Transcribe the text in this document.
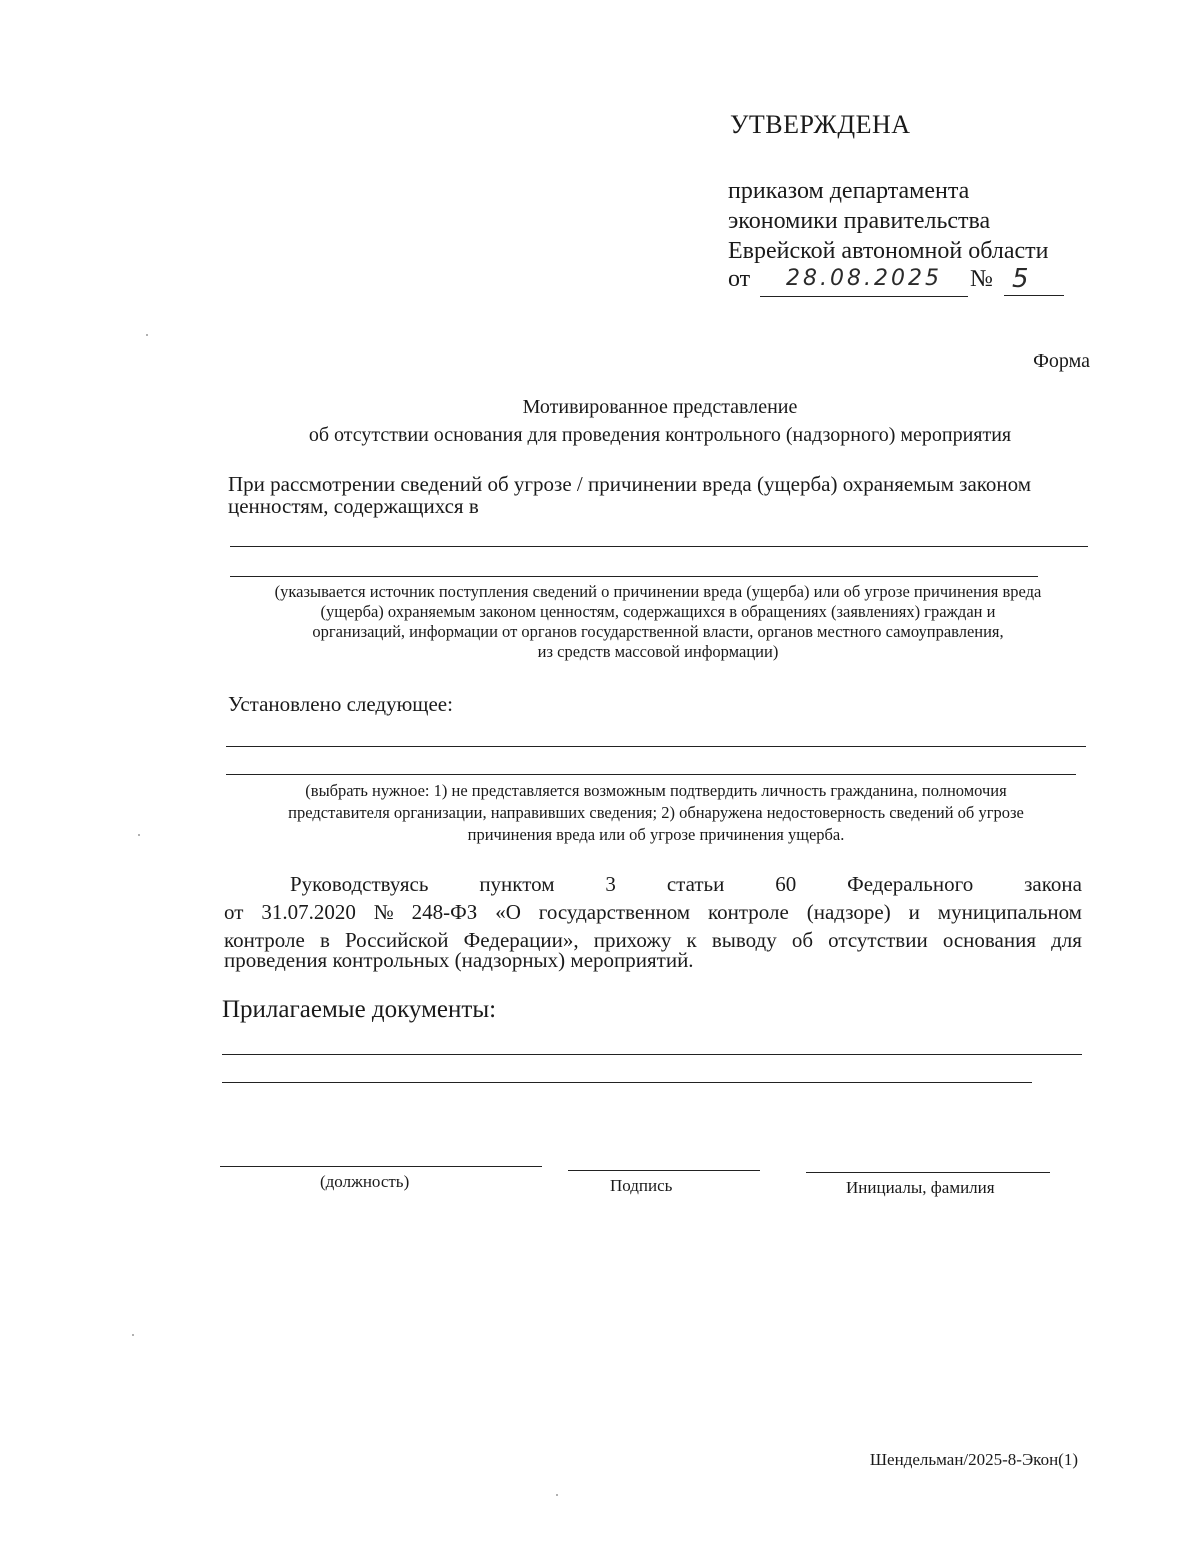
УТВЕРЖДЕНА
приказом департамента
экономики правительства
Еврейской автономной области
от	28.08.2025	№ 5
Форма
Мотивированное представление
об отсутствии основания для проведения контрольного (надзорного) мероприятия
При рассмотрении сведений об угрозе / причинении вреда (ущерба) охраняемым законом
ценностям, содержащихся в
(указывается источник поступления сведений о причинении вреда (ущерба) или об угрозе причинения вреда
(ущерба) охраняемым законом ценностям, содержащихся в обращениях (заявлениях) граждан и
организаций, информации от органов государственной власти, органов местного самоуправления,
из средств массовой информации)
Установлено следующее:
(выбрать нужное: 1) не представляется возможным подтвердить личность гражданина, полномочия
представителя организации, направивших сведения; 2) обнаружена недостоверность сведений об угрозе
причинения вреда или об угрозе причинения ущерба.
Руководствуясь пунктом 3 статьи 60 Федерального закона
от 31.07.2020 № 248-ФЗ «О государственном контроле (надзоре) и муниципальном
контроле в Российской Федерации», прихожу к выводу об отсутствии основания для
проведения контрольных (надзорных) мероприятий.
Прилагаемые документы:
(должность)	Подпись	Инициалы, фамилия
Шендельман/2025-8-Экон(1)
